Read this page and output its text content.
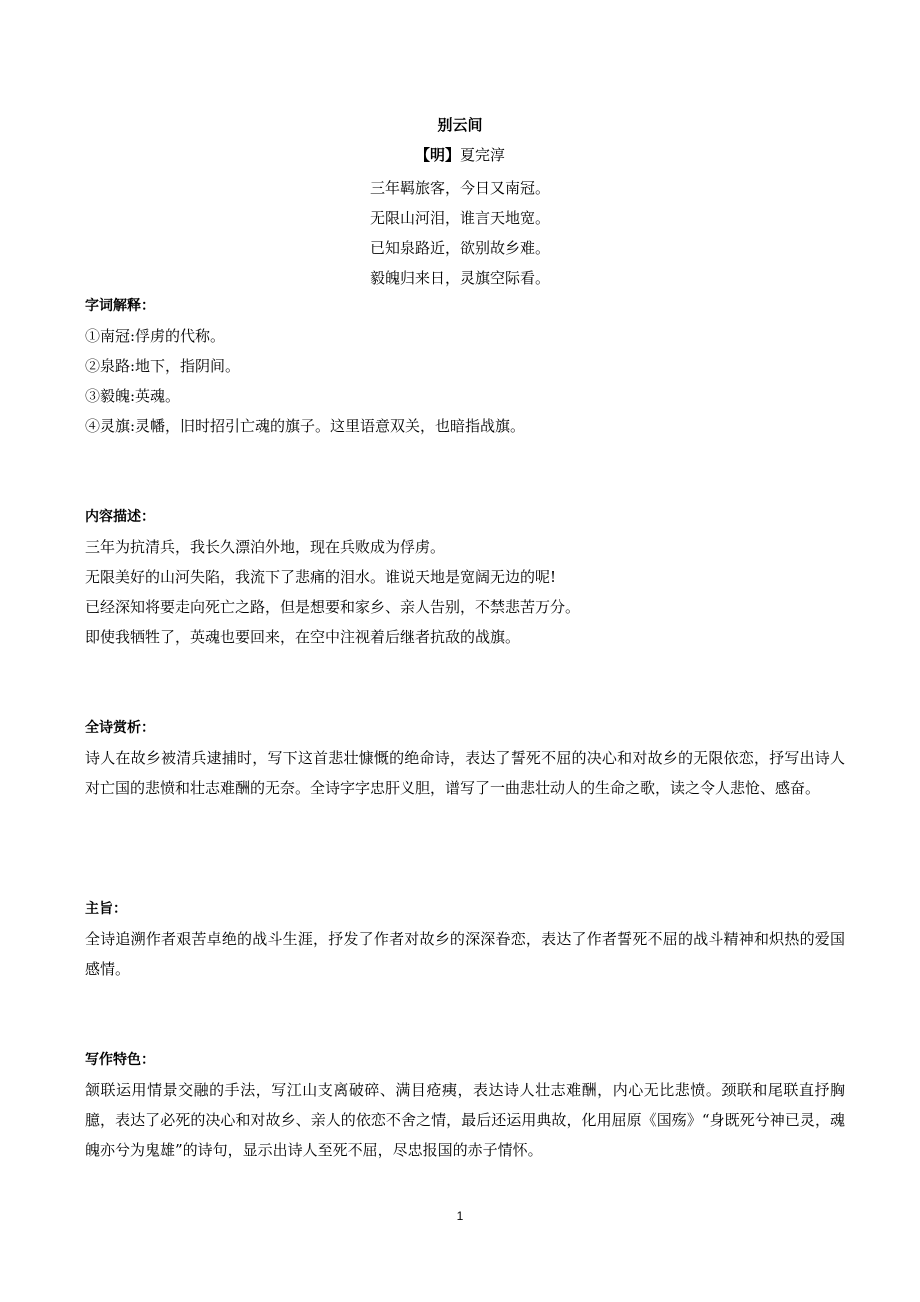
别云间
【明】夏完淳
三年羁旅客，今日又南冠。
无限山河泪，谁言天地宽。
已知泉路近，欲别故乡难。
毅魄归来日，灵旗空际看。
字词解释：
①南冠:俘虏的代称。
②泉路:地下，指阴间。
③毅魄:英魂。
④灵旗:灵幡，旧时招引亡魂的旗子。这里语意双关，也暗指战旗。
内容描述：
三年为抗清兵，我长久漂泊外地，现在兵败成为俘虏。
无限美好的山河失陷，我流下了悲痛的泪水。谁说天地是宽阔无边的呢!
已经深知将要走向死亡之路，但是想要和家乡、亲人告别，不禁悲苦万分。
即使我牺牲了，英魂也要回来，在空中注视着后继者抗敌的战旗。
全诗赏析：

诗人在故乡被清兵逮捕时，写下这首悲壮慷慨的绝命诗，表达了誓死不屈的决心和对故乡的无限依恋，抒写出诗人对亡国的悲愤和壮志难酬的无奈。全诗字字忠肝义胆，谱写了一曲悲壮动人的生命之歌，读之令人悲怆、感奋。

主旨：

全诗追溯作者艰苦卓绝的战斗生涯，抒发了作者对故乡的深深眷恋，表达了作者誓死不屈的战斗精神和炽热的爱国感情。

写作特色：

颔联运用情景交融的手法，写江山支离破碎、满目疮痍，表达诗人壮志难酬，内心无比悲愤。颈联和尾联直抒胸臆，表达了必死的决心和对故乡、亲人的依恋不舍之情，最后还运用典故，化用屈原《国殇》“身既死兮神已灵，魂魄亦兮为鬼雄”的诗句，显示出诗人至死不屈，尽忠报国的赤子情怀。

1
